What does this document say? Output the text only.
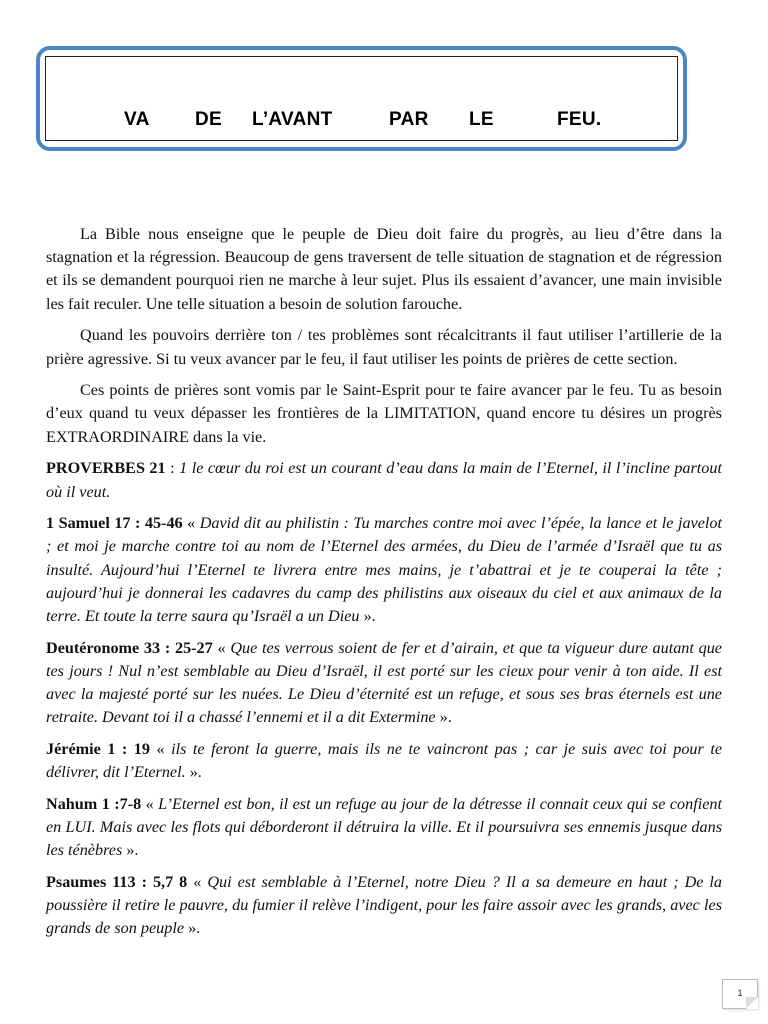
VA

DE

L’AVANT

	PAR

LE

	FEU.

La Bible nous enseigne que le peuple de Dieu doit faire du progrès, au lieu d’être dans la stagnation et la régression. Beaucoup de gens traversent de telle situation de stagnation et de régression et ils se demandent pourquoi rien ne marche à leur sujet. Plus ils essaient d’avancer, une main invisible les fait reculer. Une telle situation a besoin de solution farouche.

Quand les pouvoirs derrière ton / tes problèmes sont récalcitrants il faut utiliser l’artillerie de la prière agressive. Si tu veux avancer par le feu, il faut utiliser les points de prières de cette section.

Ces points de prières sont vomis par le Saint-Esprit pour te faire avancer par le feu. Tu as besoin d’eux quand tu veux dépasser les frontières de la LIMITATION, quand encore tu désires un progrès EXTRAORDINAIRE dans la vie.

PROVERBES 21 : 1 le cœur du roi est un courant d’eau dans la main de l’Eternel, il l’incline partout où il veut.

1 Samuel 17 : 45-46 « David dit au philistin : Tu marches contre moi avec l’épée, la lance et le javelot ; et moi je marche contre toi au nom de l’Eternel des armées, du Dieu de l’armée d’Israël que tu as insulté. Aujourd’hui l’Eternel te livrera entre mes mains, je t’abattrai et je te couperai la tête ; aujourd’hui je donnerai les cadavres du camp des philistins aux oiseaux du ciel et aux animaux de la terre. Et toute la terre saura qu’Israël a un Dieu ».

Deutéronome 33 : 25-27 « Que tes verrous soient de fer et d’airain, et que ta vigueur dure autant que tes jours ! Nul n’est semblable au Dieu d’Israël, il est porté sur les cieux pour venir à ton aide. Il est avec la majesté porté sur les nuées. Le Dieu d’éternité est un refuge, et sous ses bras éternels est une retraite. Devant toi il a chassé l’ennemi et il a dit Extermine ».

Jérémie 1 : 19 « ils te feront la guerre, mais ils ne te vaincront pas ; car je suis avec toi pour te délivrer, dit l’Eternel. ».

Nahum 1 :7-8 « L’Eternel est bon, il est un refuge au jour de la détresse il connait ceux qui se confient en LUI. Mais avec les flots qui déborderont il détruira la ville. Et il poursuivra ses ennemis jusque dans les ténèbres ».

Psaumes 113 : 5,7 8 « Qui est semblable à l’Eternel, notre Dieu ? Il a sa demeure en haut ; De la poussière il retire le pauvre, du fumier il relève l’indigent, pour les faire assoir avec les grands, avec les grands de son peuple ».

1
